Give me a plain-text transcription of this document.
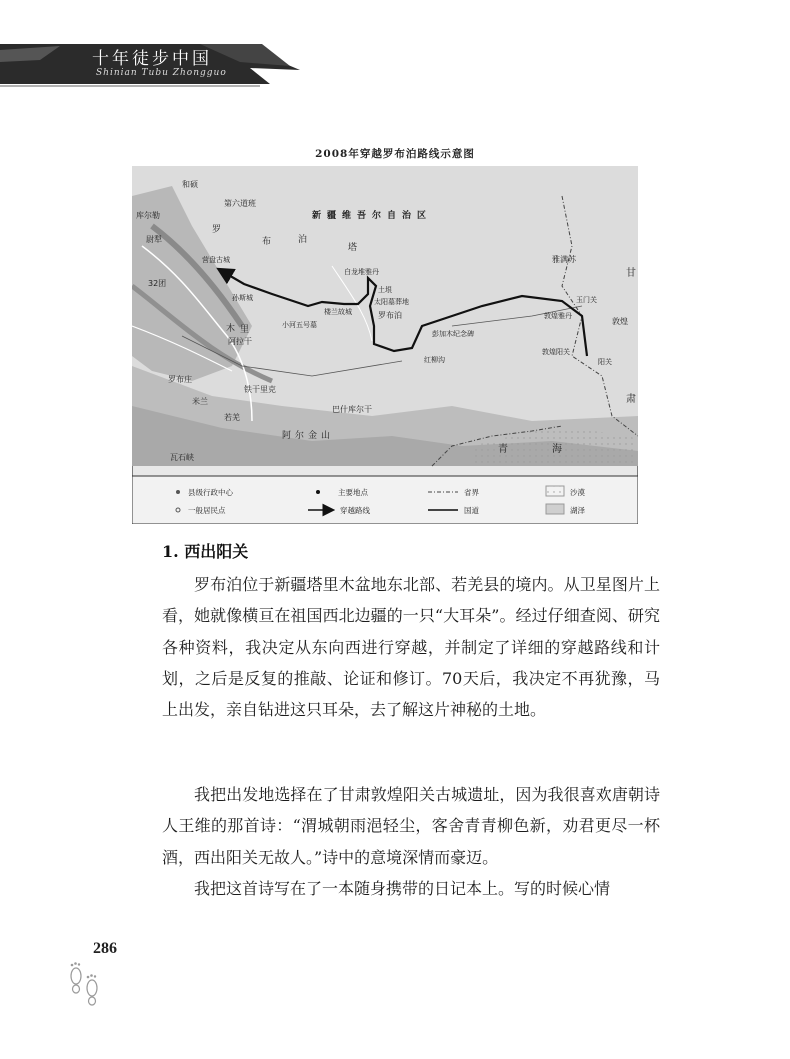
十年徒步中国
Shinian Tubu Zhongguo
2008年穿越罗布泊路线示意图
和硕
第六道班
库尔勒
尉犁
32团
营盘古城
孙斯城
小河五号墓
阿拉干
铁干里克
若羌
瓦石峡
罗布庄
米兰
巴什库尔干
白龙堆雅丹
土垠
楼兰故城
太阳墓葬地
罗布泊
彭加木纪念碑
红柳沟
敦煌雅丹
玉门关
敦煌
阳关
敦煌阳关
雅满苏
新疆维吾尔自治区
罗
布	泊
塔
里
木
阿尔金山
甘
肃
青	海
县级行政中心
一般居民点
主要地点
穿越路线
省界
国道
沙漠
湖泽
1. 西出阳关

罗布泊位于新疆塔里木盆地东北部、若羌县的境内。从卫星图片上看，她就像横亘在祖国西北边疆的一只“大耳朵”。经过仔细查阅、研究各种资料，我决定从东向西进行穿越，并制定了详细的穿越路线和计划，之后是反复的推敲、论证和修订。70天后，我决定不再犹豫，马上出发，亲自钻进这只耳朵，去了解这片神秘的土地。

我把出发地选择在了甘肃敦煌阳关古城遗址，因为我很喜欢唐朝诗人王维的那首诗：“渭城朝雨浥轻尘，客舍青青柳色新，劝君更尽一杯酒，西出阳关无故人。”诗中的意境深情而豪迈。

我把这首诗写在了一本随身携带的日记本上。写的时候心情

286
